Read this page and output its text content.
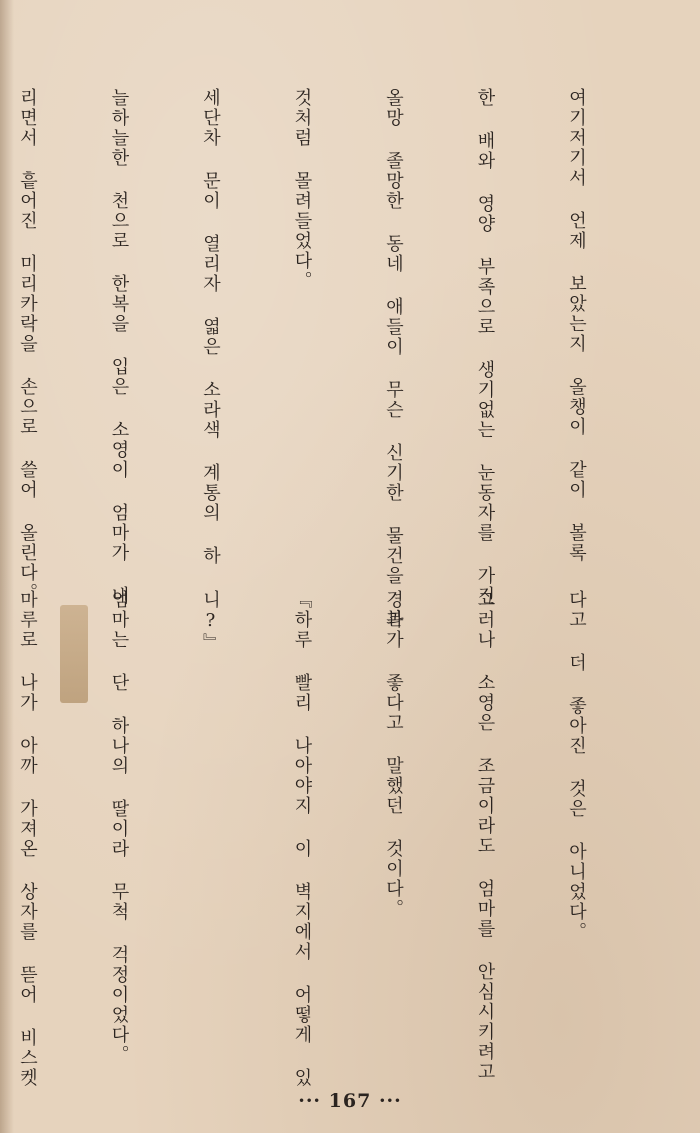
여기저기서 언제 보았는지 올챙이 같이 볼록

한 배와 영양 부족으로 생기없는 눈동자를 가진

올망 졸망한 동네 애들이 무슨 신기한 물건을 본

것처럼 몰려들었다。

세단차 문이 열리자 엷은 소라색 계통의 하

늘하늘한 천으로 한복을 입은 소영이 엄마가 내

리면서 흩어진 미리카락을 손으로 쓸어 올린다。

다고 더 좋아진 것은 아니었다。

그러나 소영은 조금이라도 엄마를 안심시키려고

경과가 좋다고 말했던 것이다。

『하루 빨리 나아야지 이 벽지에서 어떻게 있

니?』

엄마는 단 하나의 딸이라 무척 걱정이었다。

마루로 나가 아까 가져온 상자를 뜯어 비스켓

··· 167 ···
